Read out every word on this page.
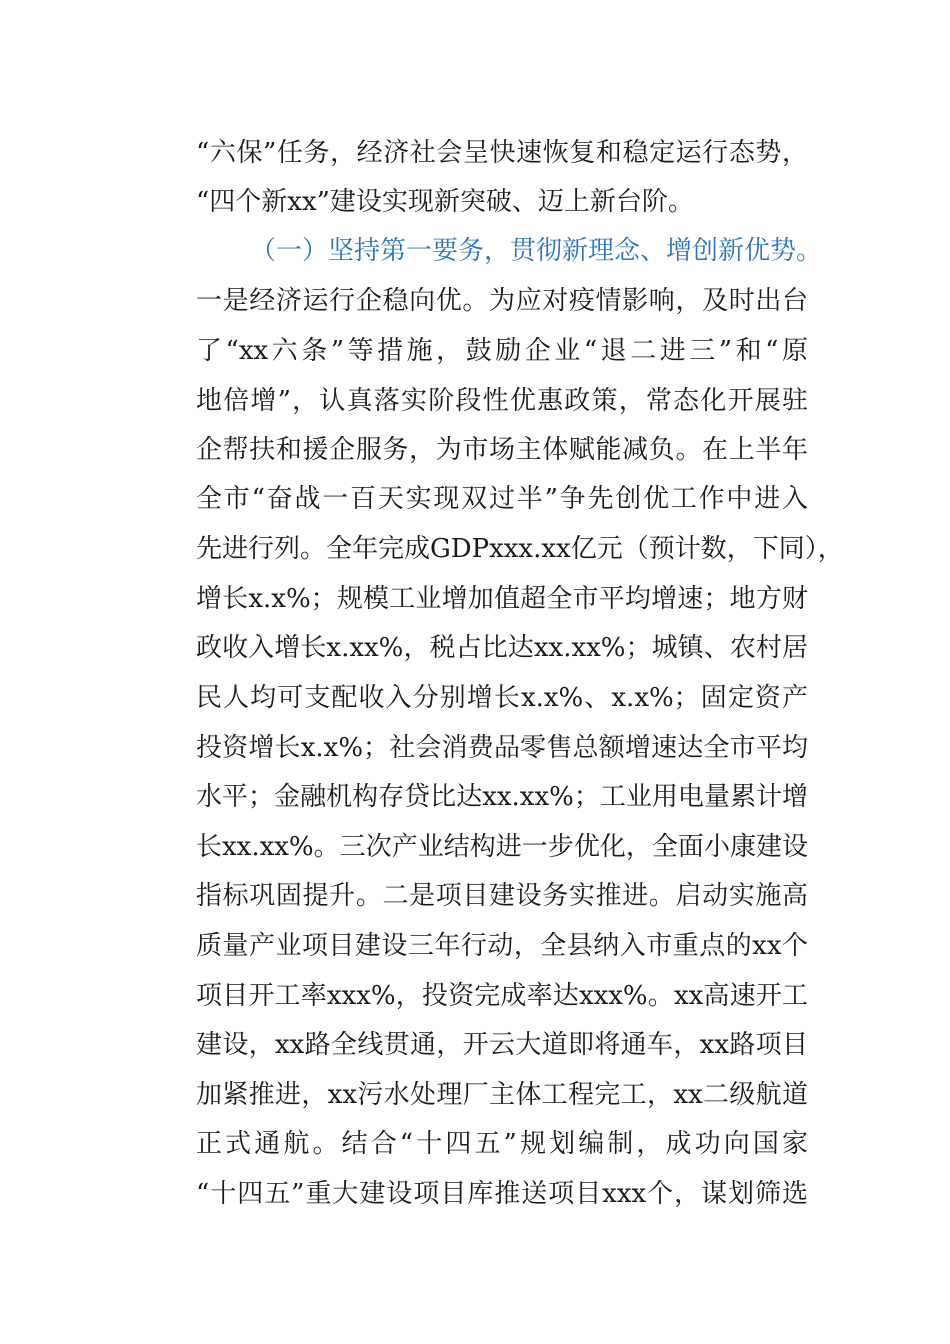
“六保”任务，经济社会呈快速恢复和稳定运行态势，
“四个新xx”建设实现新突破、迈上新台阶。
（一）坚持第一要务，贯彻新理念、增创新优势。
一是经济运行企稳向优。为应对疫情影响，及时出台
了“xx六条”等措施，鼓励企业“退二进三”和“原
地倍增”，认真落实阶段性优惠政策，常态化开展驻
企帮扶和援企服务，为市场主体赋能减负。在上半年
全市“奋战一百天实现双过半”争先创优工作中进入
先进行列。全年完成GDPxxx.xx亿元（预计数，下同），
增长x.x%；规模工业增加值超全市平均增速；地方财
政收入增长x.xx%，税占比达xx.xx%；城镇、农村居
民人均可支配收入分别增长x.x%、x.x%；固定资产
投资增长x.x%；社会消费品零售总额增速达全市平均
水平；金融机构存贷比达xx.xx%；工业用电量累计增
长xx.xx%。三次产业结构进一步优化，全面小康建设
指标巩固提升。二是项目建设务实推进。启动实施高
质量产业项目建设三年行动，全县纳入市重点的xx个
项目开工率xxx%，投资完成率达xxx%。xx高速开工
建设，xx路全线贯通，开云大道即将通车，xx路项目
加紧推进，xx污水处理厂主体工程完工，xx二级航道
正式通航。结合“十四五”规划编制，成功向国家
“十四五”重大建设项目库推送项目xxx个，谋划筛选
